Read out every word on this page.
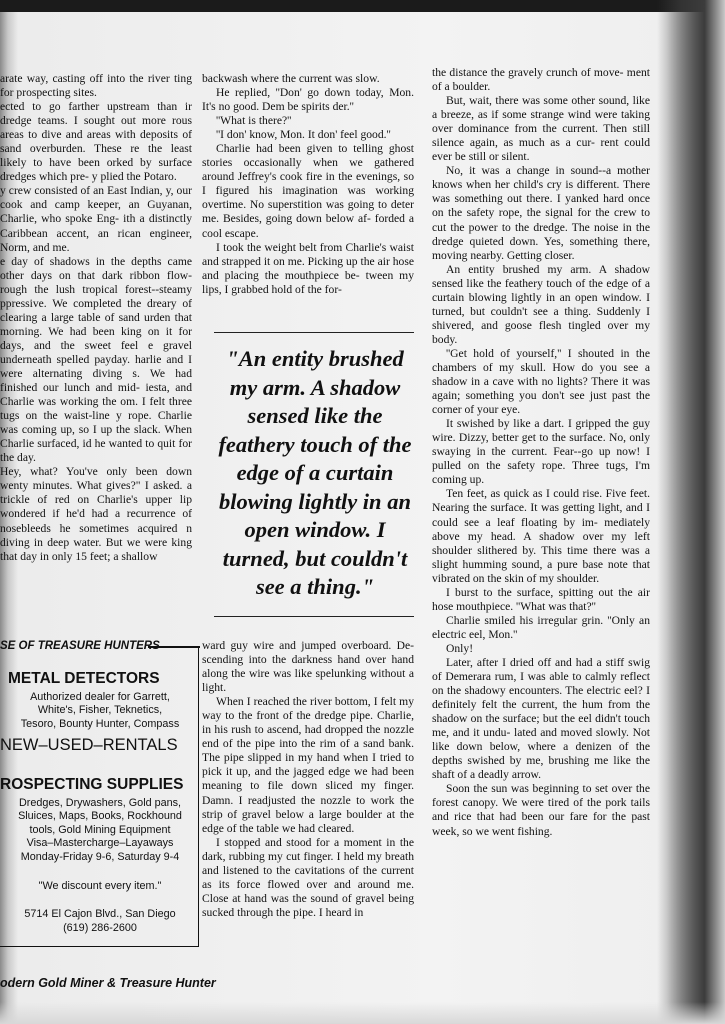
arate way, casting off into the river ting for prospecting sites.

ected to go farther upstream than ir dredge teams. I sought out more rous areas to dive and areas with deposits of sand overburden. These re the least likely to have been orked by surface dredges which pre- y plied the Potaro.

y crew consisted of an East Indian, y, our cook and camp keeper, an Guyanan, Charlie, who spoke Eng- ith a distinctly Caribbean accent, an rican engineer, Norm, and me.

e day of shadows in the depths came other days on that dark ribbon flow- rough the lush tropical forest--steamy ppressive. We completed the dreary of clearing a large table of sand urden that morning. We had been king on it for days, and the sweet feel e gravel underneath spelled payday. harlie and I were alternating diving s. We had finished our lunch and mid- iesta, and Charlie was working the om. I felt three tugs on the waist-line y rope. Charlie was coming up, so I up the slack. When Charlie surfaced, id he wanted to quit for the day.

Hey, what? You've only been down wenty minutes. What gives?" I asked. a trickle of red on Charlie's upper lip wondered if he'd had a recurrence of nosebleeds he sometimes acquired n diving in deep water. But we were king that day in only 15 feet; a shallow

backwash where the current was slow.

He replied, ''Don' go down today, Mon. It's no good. Dem be spirits der.''

''What is there?''

''I don' know, Mon. It don' feel good.''

Charlie had been given to telling ghost stories occasionally when we gathered around Jeffrey's cook fire in the evenings, so I figured his imagination was working overtime. No superstition was going to deter me. Besides, going down below af- forded a cool escape.

I took the weight belt from Charlie's waist and strapped it on me. Picking up the air hose and placing the mouthpiece be- tween my lips, I grabbed hold of the for-

"An entity brushed my arm. A shadow sensed like the feathery touch of the edge of a curtain blowing lightly in an open window. I turned, but couldn't see a thing."

ward guy wire and jumped overboard. De- scending into the darkness hand over hand along the wire was like spelunking without a light.

When I reached the river bottom, I felt my way to the front of the dredge pipe. Charlie, in his rush to ascend, had dropped the nozzle end of the pipe into the rim of a sand bank. The pipe slipped in my hand when I tried to pick it up, and the jagged edge we had been meaning to file down sliced my finger. Damn. I readjusted the nozzle to work the strip of gravel below a large boulder at the edge of the table we had cleared.

I stopped and stood for a moment in the dark, rubbing my cut finger. I held my breath and listened to the cavitations of the current as its force flowed over and around me. Close at hand was the sound of gravel being sucked through the pipe. I heard in

the distance the gravely crunch of move- ment of a boulder.

But, wait, there was some other sound, like a breeze, as if some strange wind were taking over dominance from the current. Then still silence again, as much as a cur- rent could ever be still or silent.

No, it was a change in sound--a mother knows when her child's cry is different. There was something out there. I yanked hard once on the safety rope, the signal for the crew to cut the power to the dredge. The noise in the dredge quieted down. Yes, something there, moving nearby. Getting closer.

An entity brushed my arm. A shadow sensed like the feathery touch of the edge of a curtain blowing lightly in an open window. I turned, but couldn't see a thing. Suddenly I shivered, and goose flesh tingled over my body.

''Get hold of yourself,'' I shouted in the chambers of my skull. How do you see a shadow in a cave with no lights? There it was again; something you don't see just past the corner of your eye.

It swished by like a dart. I gripped the guy wire. Dizzy, better get to the surface. No, only swaying in the current. Fear--go up now! I pulled on the safety rope. Three tugs, I'm coming up.

Ten feet, as quick as I could rise. Five feet. Nearing the surface. It was getting light, and I could see a leaf floating by im- mediately above my head. A shadow over my left shoulder slithered by. This time there was a slight humming sound, a pure base note that vibrated on the skin of my shoulder.

I burst to the surface, spitting out the air hose mouthpiece. ''What was that?''

Charlie smiled his irregular grin. ''Only an electric eel, Mon.''

Only!

Later, after I dried off and had a stiff swig of Demerara rum, I was able to calmly reflect on the shadowy encounters. The electric eel? I definitely felt the current, the hum from the shadow on the surface; but the eel didn't touch me, and it undu- lated and moved slowly. Not like down below, where a denizen of the depths swished by me, brushing me like the shaft of a deadly arrow.

Soon the sun was beginning to set over the forest canopy. We were tired of the pork tails and rice that had been our fare for the past week, so we went fishing.

SE OF TREASURE HUNTERS
METAL DETECTORS
Authorized dealer for Garrett,
White's, Fisher, Teknetics,
Tesoro, Bounty Hunter, Compass
NEW–USED–RENTALS
ROSPECTING SUPPLIES
Dredges, Drywashers, Gold pans,
Sluices, Maps, Books, Rockhound
tools, Gold Mining Equipment
Visa–Mastercharge–Layaways
Monday-Friday 9-6, Saturday 9-4
"We discount every item."
5714 El Cajon Blvd., San Diego
(619) 286-2600
odern Gold Miner & Treasure Hunter
